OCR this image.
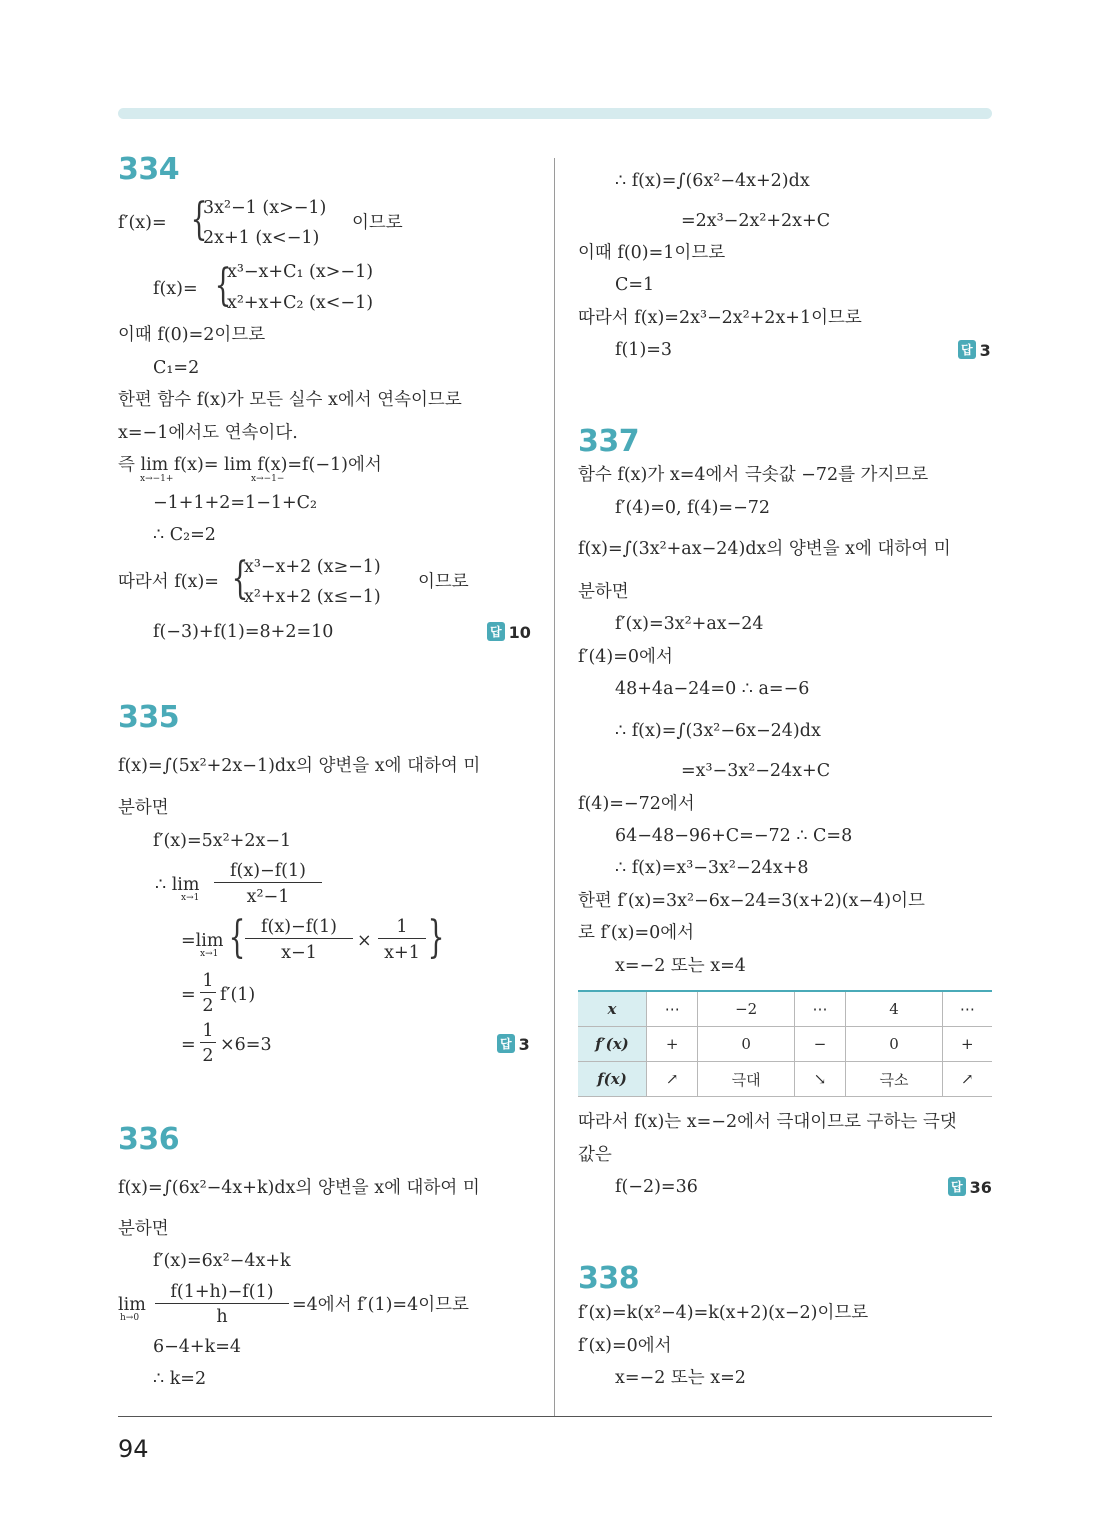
94
334
f′(x)= {
3x²−1 (x>−1)
2x+1 (x<−1)
이므로
f(x)= {
x³−x+C₁ (x>−1)
x²+x+C₂ (x<−1)
이때 f(0)=2이므로
C₁=2
한편 함수 f(x)가 모든 실수 x에서 연속이므로
x=−1에서도 연속이다.
즉 lim f(x)= lim f(x)=f(−1)에서
x→−1+	x→−1−
−1+1+2=1−1+C₂
∴ C₂=2
따라서 f(x)= {
x³−x+2 (x≥−1)
x²+x+2 (x≤−1)
이므로
f(−3)+f(1)=8+2=10	답 10
335
f(x)=∫(5x²+2x−1)dx의 양변을 x에 대하여 미
분하면
f′(x)=5x²+2x−1
∴ lim
x→1
f(x)−f(1)
x²−1
=lim
x→1 { f(x)−f(1)
x−1
×
1
x+1 }
=
1
2
f′(1)
=
1
2
×6=3	답 3
336
f(x)=∫(6x²−4x+k)dx의 양변을 x에 대하여 미
분하면
f′(x)=6x²−4x+k
lim
h→0
f(1+h)−f(1)
h
=4에서 f′(1)=4이므로
6−4+k=4
∴ k=2
∴ f(x)=∫(6x²−4x+2)dx
=2x³−2x²+2x+C
이때 f(0)=1이므로
C=1
따라서 f(x)=2x³−2x²+2x+1이므로
f(1)=3	답 3
337
함수 f(x)가 x=4에서 극솟값 −72를 가지므로
f′(4)=0, f(4)=−72
f(x)=∫(3x²+ax−24)dx의 양변을 x에 대하여 미
분하면
f′(x)=3x²+ax−24
f′(4)=0에서
48+4a−24=0 ∴ a=−6
∴ f(x)=∫(3x²−6x−24)dx
=x³−3x²−24x+C
f(4)=−72에서
64−48−96+C=−72 ∴ C=8
∴ f(x)=x³−3x²−24x+8
한편 f′(x)=3x²−6x−24=3(x+2)(x−4)이므
로 f′(x)=0에서
x=−2 또는 x=4
x	⋯	−2	⋯	4	⋯
f′(x)	+	0	−	0	+
f(x)	↗	극대	↘	극소	↗
따라서 f(x)는 x=−2에서 극대이므로 구하는 극댓
값은
f(−2)=36	답 36
338
f′(x)=k(x²−4)=k(x+2)(x−2)이므로
f′(x)=0에서
x=−2 또는 x=2
